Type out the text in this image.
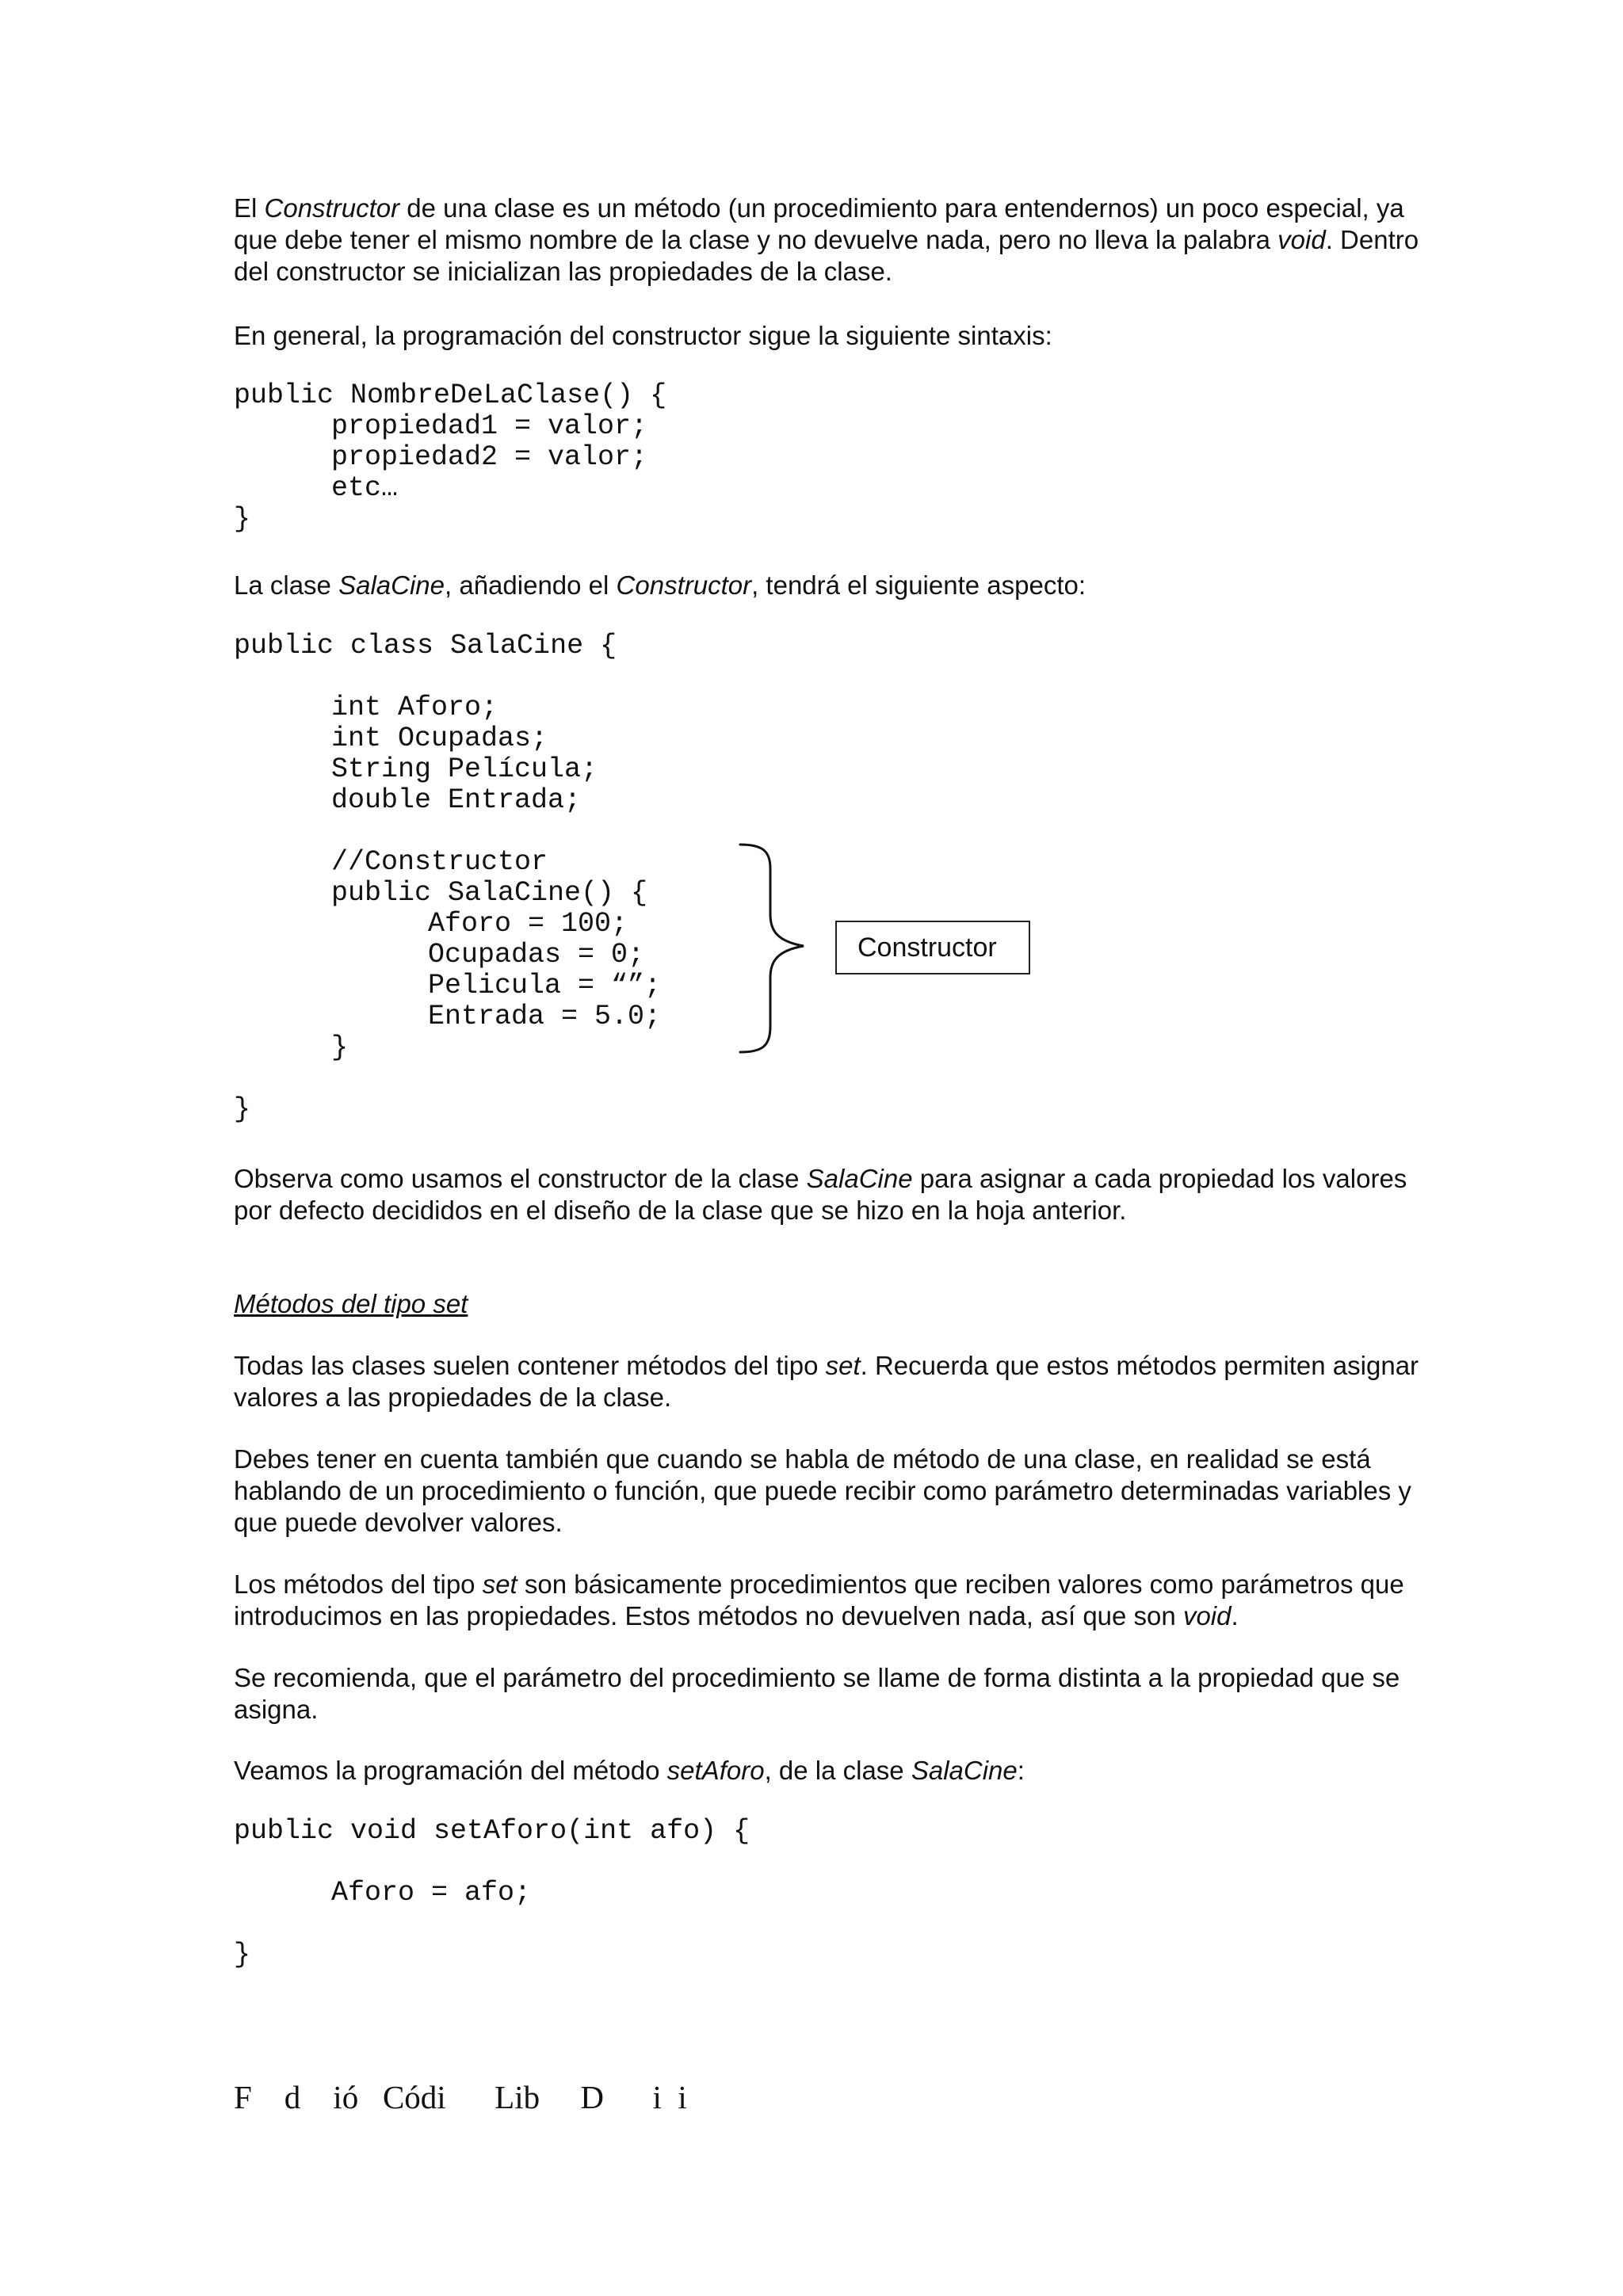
El Constructor de una clase es un método (un procedimiento para entendernos) un poco especial, ya
que debe tener el mismo nombre de la clase y no devuelve nada, pero no lleva la palabra void. Dentro
del constructor se inicializan las propiedades de la clase.

En general, la programación del constructor sigue la siguiente sintaxis:

public NombreDeLaClase() {
propiedad1 = valor;
propiedad2 = valor;
etc…
}

La clase SalaCine, añadiendo el Constructor, tendrá el siguiente aspecto:

public class SalaCine {
int Aforo;
int Ocupadas;
String Película;
double Entrada;
//Constructor
public SalaCine() {
Aforo = 100;
Ocupadas = 0;
Pelicula = “”;
Entrada = 5.0;
}
}
Constructor

Observa como usamos el constructor de la clase SalaCine para asignar a cada propiedad los valores
por defecto decididos en el diseño de la clase que se hizo en la hoja anterior.

Métodos del tipo set

Todas las clases suelen contener métodos del tipo set. Recuerda que estos métodos permiten asignar
valores a las propiedades de la clase.

Debes tener en cuenta también que cuando se habla de método de una clase, en realidad se está
hablando de un procedimiento o función, que puede recibir como parámetro determinadas variables y
que puede devolver valores.

Los métodos del tipo set son básicamente procedimientos que reciben valores como parámetros que
introducimos en las propiedades. Estos métodos no devuelven nada, así que son void.

Se recomienda, que el parámetro del procedimiento se llame de forma distinta a la propiedad que se
asigna.

Veamos la programación del método setAforo, de la clase SalaCine:

public void setAforo(int afo) {
Aforo = afo;
}
F    d    ió   Códi      Lib     D      i  i
